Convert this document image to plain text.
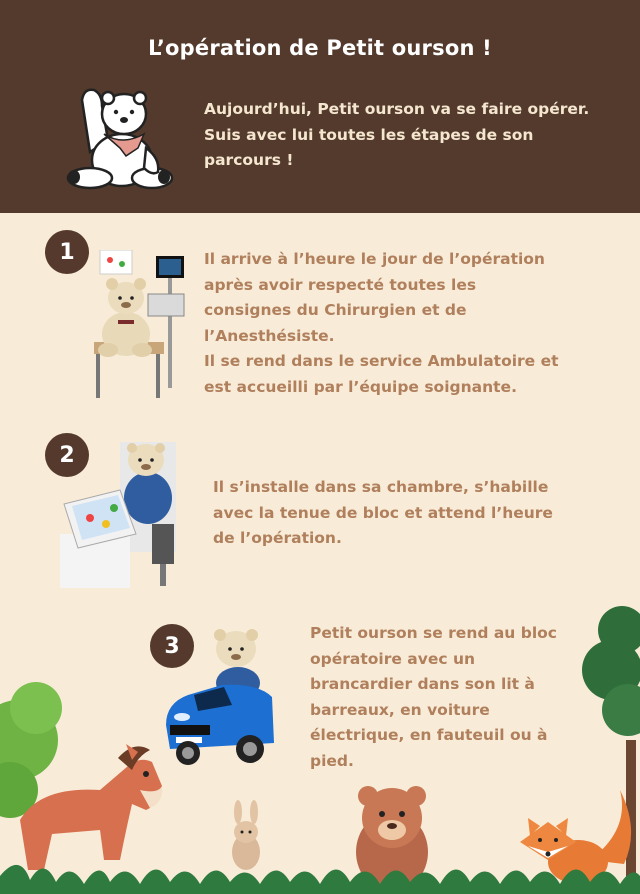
L’opération de Petit ourson !
Aujourd’hui, Petit ourson va se faire opérer. Suis avec lui toutes les étapes de son parcours !
1	Il arrive à l’heure le jour de l’opération
après avoir respecté toutes les
consignes du Chirurgien et de
l’Anesthésiste.
Il se rend dans le service Ambulatoire et
est accueilli par l’équipe soignante.
2
Il s’installe dans sa chambre, s’habille
avec la tenue de bloc et attend l’heure
de l’opération.
3
Petit ourson se rend au bloc
opératoire avec un
brancardier dans son lit à
barreaux, en voiture
électrique, en fauteuil ou à
pied.
